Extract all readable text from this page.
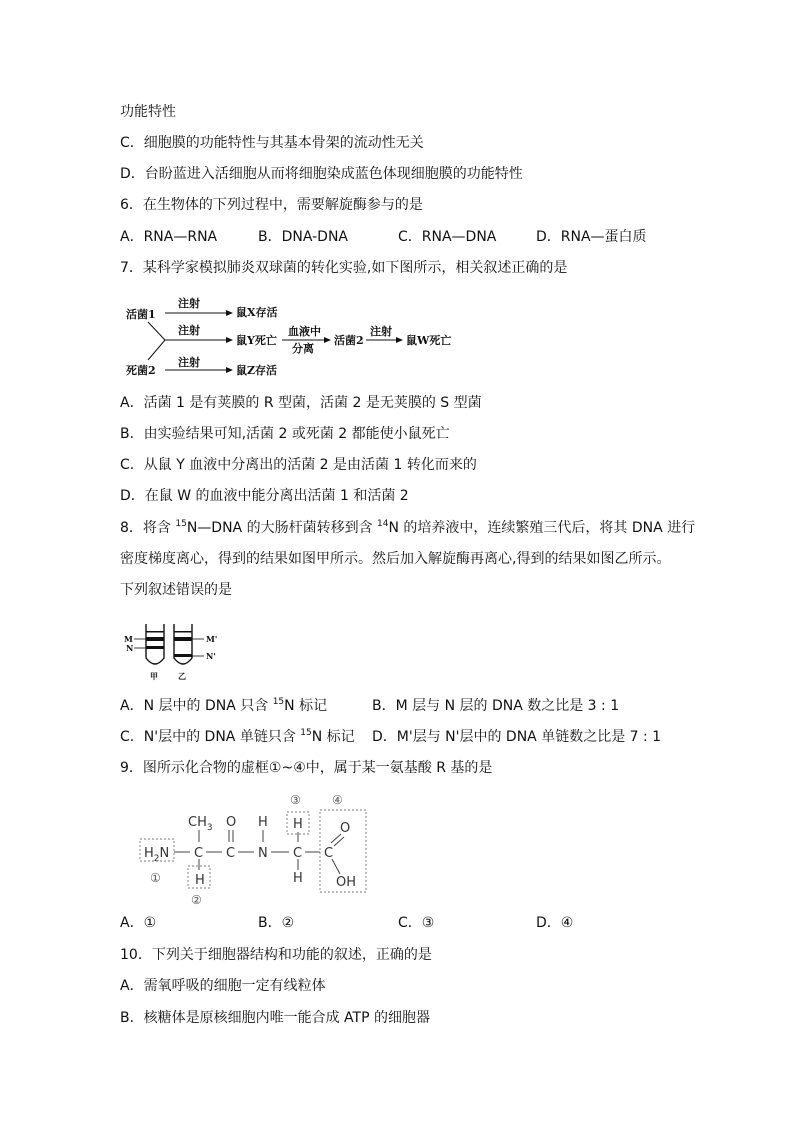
功能特性
C．细胞膜的功能特性与其基本骨架的流动性无关
D．台盼蓝进入活细胞从而将细胞染成蓝色体现细胞膜的功能特性
6．在生物体的下列过程中，需要解旋酶参与的是
A．RNA—RNA	B．DNA-DNA	C．RNA—DNA	D．RNA—蛋白质
7．某科学家模拟肺炎双球菌的转化实验,如下图所示，相关叙述正确的是
活菌1
死菌2
注射
注射
注射
鼠X存活
鼠Y死亡
鼠Z存活
血液中
分离
活菌2
注射
鼠W死亡
A．活菌 1 是有荚膜的 R 型菌，活菌 2 是无荚膜的 S 型菌
B．由实验结果可知,活菌 2 或死菌 2 都能使小鼠死亡
C．从鼠 Y 血液中分离出的活菌 2 是由活菌 1 转化而来的
D．在鼠 W 的血液中能分离出活菌 1 和活菌 2
8．将含 $^{15}$N—DNA 的大肠杆菌转移到含 $^{14}$N 的培养液中，连续繁殖三代后，将其 DNA 进行
密度梯度离心，得到的结果如图甲所示。然后加入解旋酶再离心,得到的结果如图乙所示。
下列叙述错误的是
M
N
M'
N'
甲	乙
A．N 层中的 DNA 只含 $^{15}$N 标记	B．M 层与 N 层的 DNA 数之比是 3 : 1
C．N'层中的 DNA 单链只含 $^{15}$N 标记 D．M'层与 N'层中的 DNA 单链数之比是 7 : 1
9．图所示化合物的虚框①~④中，属于某一氨基酸 R 基的是
$CH_3$
$H_2N$ C C
O
N
H
C
H
H
H
C
O
OH
①
②
③	④
A．①	B．②	C．③	D．④
10．下列关于细胞器结构和功能的叙述，正确的是
A．需氧呼吸的细胞一定有线粒体
B．核糖体是原核细胞内唯一能合成 ATP 的细胞器
